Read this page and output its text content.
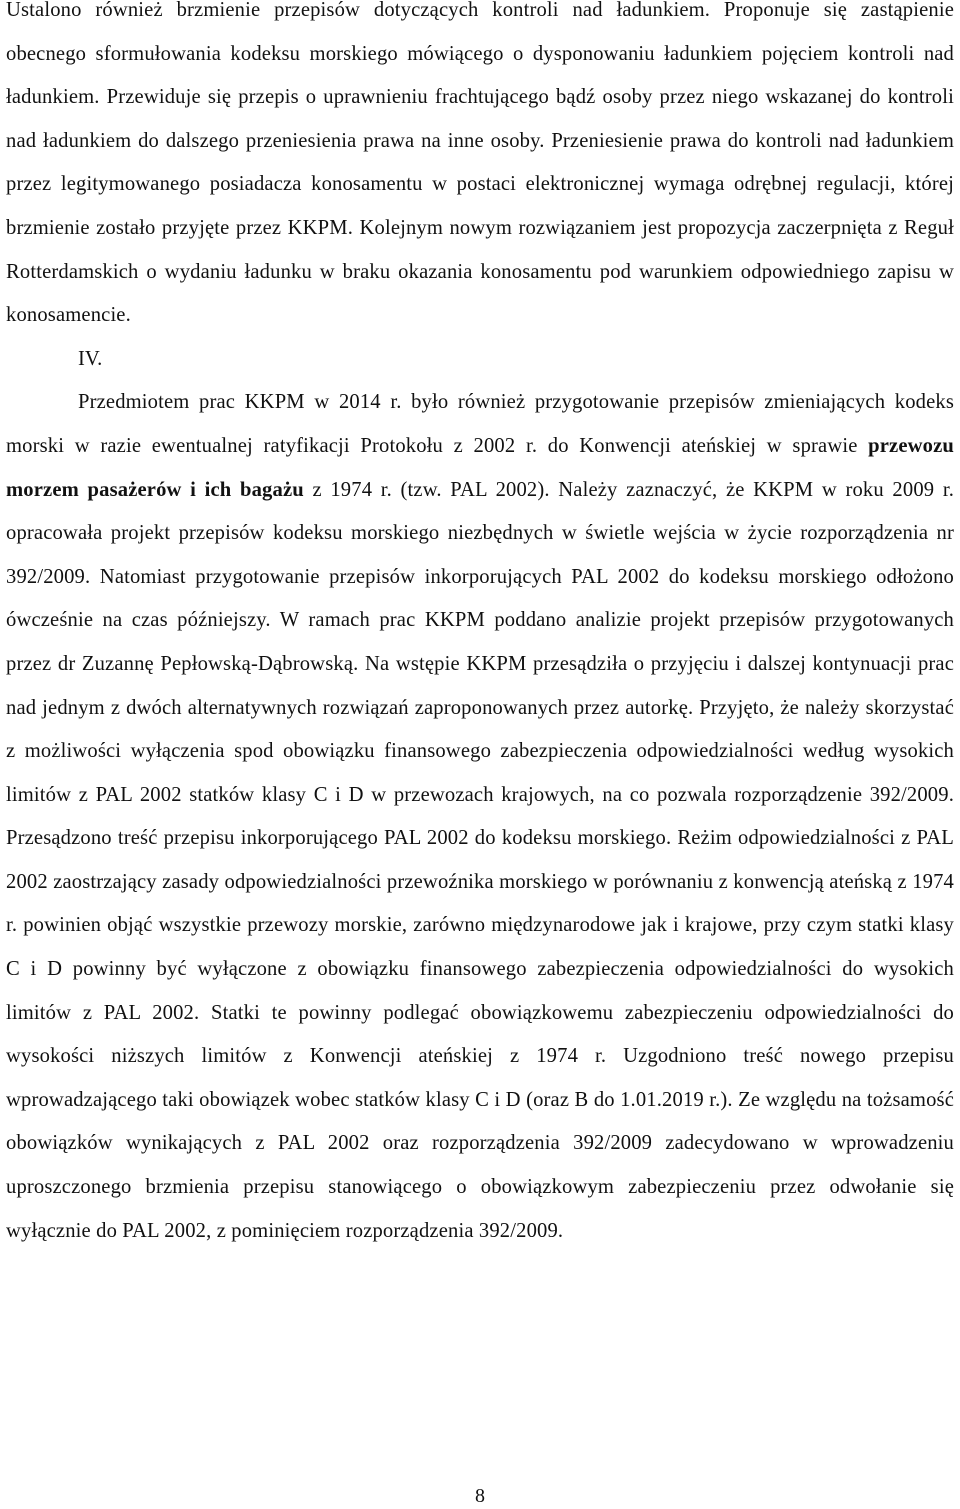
Ustalono również brzmienie przepisów dotyczących kontroli nad ładunkiem. Proponuje się zastąpienie obecnego sformułowania kodeksu morskiego mówiącego o dysponowaniu ładunkiem pojęciem kontroli nad ładunkiem. Przewiduje się przepis o uprawnieniu frachtującego bądź osoby przez niego wskazanej do kontroli nad ładunkiem do dalszego przeniesienia prawa na inne osoby. Przeniesienie prawa do kontroli nad ładunkiem przez legitymowanego posiadacza konosamentu w postaci elektronicznej wymaga odrębnej regulacji, której brzmienie zostało przyjęte przez KKPM. Kolejnym nowym rozwiązaniem jest propozycja zaczerpnięta z Reguł Rotterdamskich o wydaniu ładunku w braku okazania konosamentu pod warunkiem odpowiedniego zapisu w konosamencie.

IV.

Przedmiotem prac KKPM w 2014 r. było również przygotowanie przepisów zmieniających kodeks morski w razie ewentualnej ratyfikacji Protokołu z 2002 r. do Konwencji ateńskiej w sprawie przewozu morzem pasażerów i ich bagażu z 1974 r. (tzw. PAL 2002). Należy zaznaczyć, że KKPM w roku 2009 r. opracowała projekt przepisów kodeksu morskiego niezbędnych w świetle wejścia w życie rozporządzenia nr 392/2009. Natomiast przygotowanie przepisów inkorporujących PAL 2002 do kodeksu morskiego odłożono ówcześnie na czas późniejszy. W ramach prac KKPM poddano analizie projekt przepisów przygotowanych przez dr Zuzannę Pepłowską-Dąbrowską. Na wstępie KKPM przesądziła o przyjęciu i dalszej kontynuacji prac nad jednym z dwóch alternatywnych rozwiązań zaproponowanych przez autorkę. Przyjęto, że należy skorzystać z możliwości wyłączenia spod obowiązku finansowego zabezpieczenia odpowiedzialności według wysokich limitów z PAL 2002 statków klasy C i D w przewozach krajowych, na co pozwala rozporządzenie 392/2009. Przesądzono treść przepisu inkorporującego PAL 2002 do kodeksu morskiego. Reżim odpowiedzialności z PAL 2002 zaostrzający zasady odpowiedzialności przewoźnika morskiego w porównaniu z konwencją ateńską z 1974 r. powinien objąć wszystkie przewozy morskie, zarówno międzynarodowe jak i krajowe, przy czym statki klasy C i D powinny być wyłączone z obowiązku finansowego zabezpieczenia odpowiedzialności do wysokich limitów z PAL 2002. Statki te powinny podlegać obowiązkowemu zabezpieczeniu odpowiedzialności do wysokości niższych limitów z Konwencji ateńskiej z 1974 r. Uzgodniono treść nowego przepisu wprowadzającego taki obowiązek wobec statków klasy C i D (oraz B do 1.01.2019 r.). Ze względu na tożsamość obowiązków wynikających z PAL 2002 oraz rozporządzenia 392/2009 zadecydowano w wprowadzeniu uproszczonego brzmienia przepisu stanowiącego o obowiązkowym zabezpieczeniu przez odwołanie się wyłącznie do PAL 2002, z pominięciem rozporządzenia 392/2009.

8
